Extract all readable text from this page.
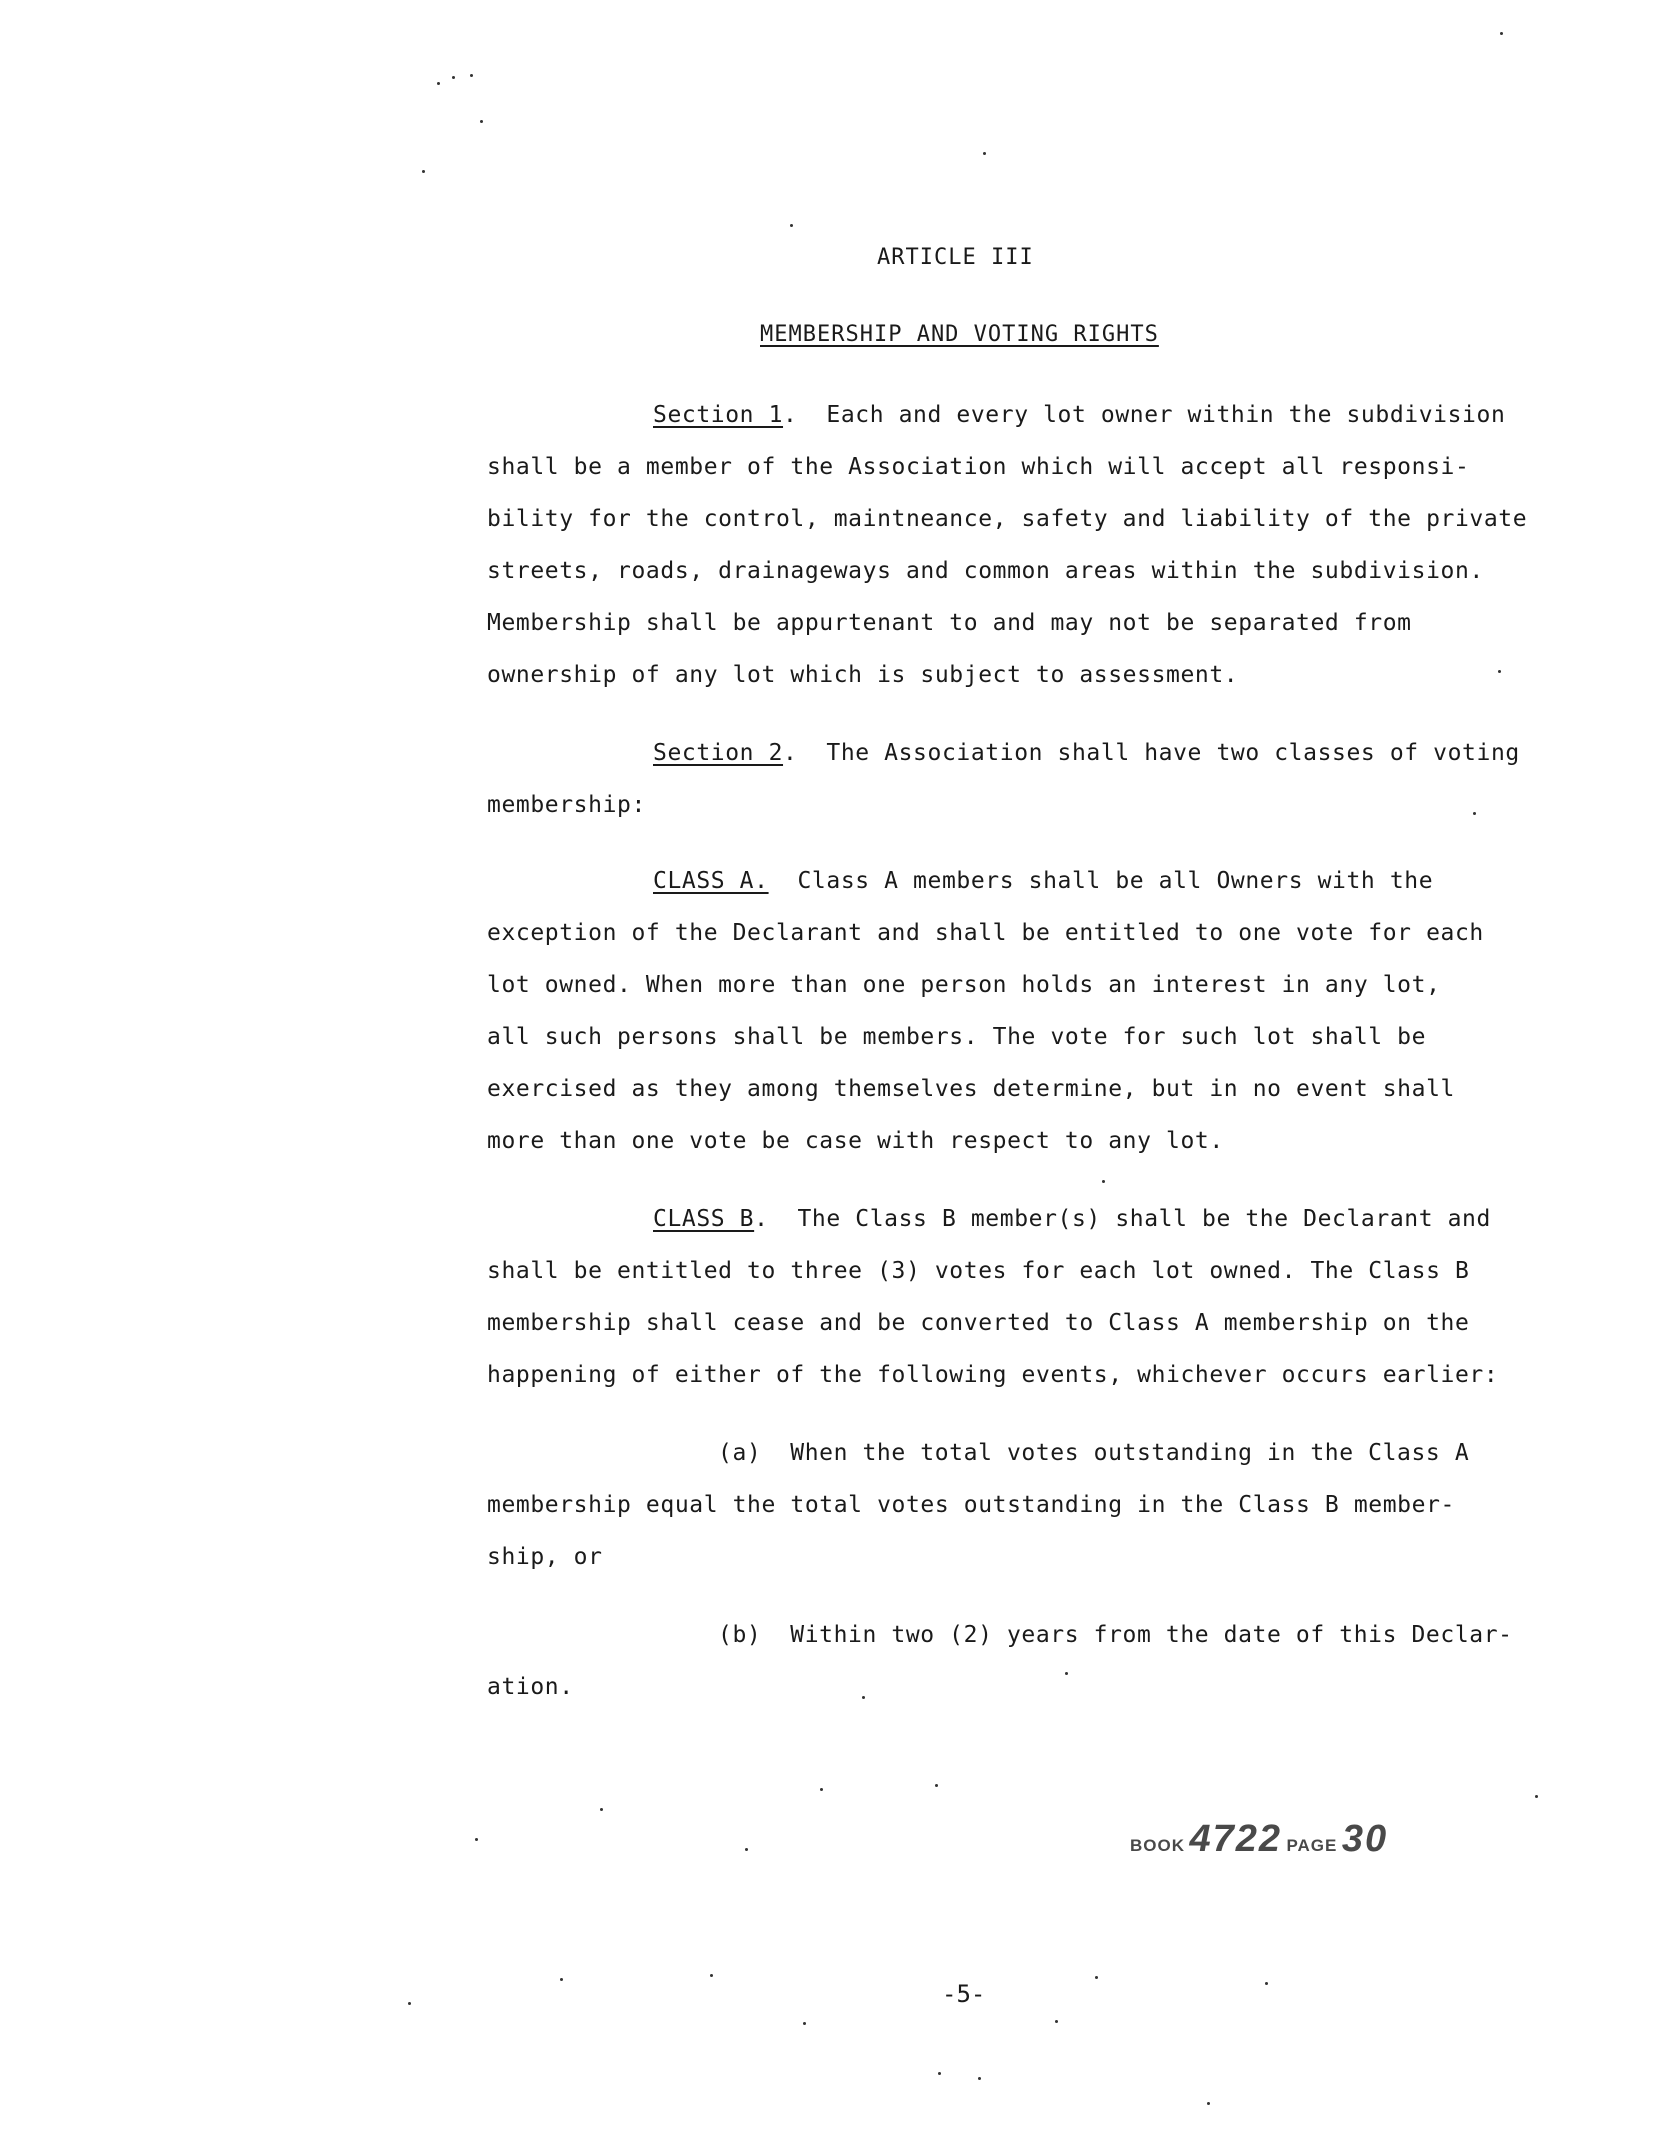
ARTICLE III
MEMBERSHIP AND VOTING RIGHTS
Section 1.  Each and every lot owner within the subdivision
shall be a member of the Association which will accept all responsi-
bility for the control, maintneance, safety and liability of the private
streets, roads, drainageways and common areas within the subdivision.
Membership shall be appurtenant to and may not be separated from
ownership of any lot which is subject to assessment.
Section 2.  The Association shall have two classes of voting
membership:
CLASS A. Class A members shall be all Owners with the
exception of the Declarant and shall be entitled to one vote for each
lot owned. When more than one person holds an interest in any lot,
all such persons shall be members. The vote for such lot shall be
exercised as they among themselves determine, but in no event shall
more than one vote be case with respect to any lot.
CLASS B.  The Class B member(s) shall be the Declarant and
shall be entitled to three (3) votes for each lot owned. The Class B
membership shall cease and be converted to Class A membership on the
happening of either of the following events, whichever occurs earlier:
(a) When the total votes outstanding in the Class A
membership equal the total votes outstanding in the Class B member-
ship, or
(b) Within two (2) years from the date of this Declar-
ation.
BOOK 4722 PAGE 30
-5-
